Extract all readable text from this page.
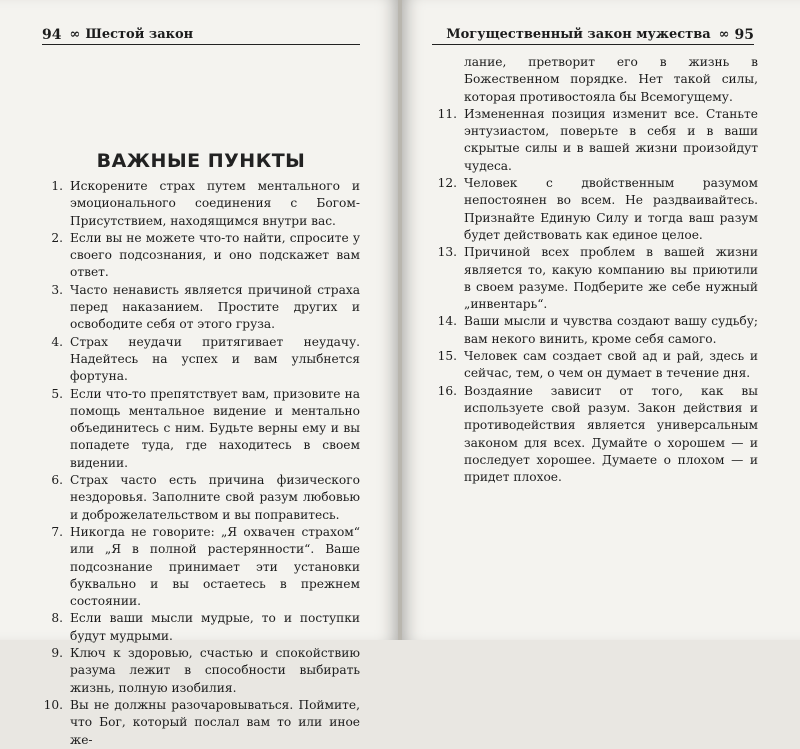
94 ∞ Шестой закон
ВАЖНЫЕ ПУНКТЫ
1. Искорените страх путем ментального и эмоционального соединения с Богом-Присутствием, находящимся внутри вас.
2. Если вы не можете что-то найти, спросите у своего подсознания, и оно подскажет вам ответ.
3. Часто ненависть является причиной страха перед наказанием. Простите других и освободите себя от этого груза.
4. Страх неудачи притягивает неудачу. Надейтесь на успех и вам улыбнется фортуна.
5. Если что-то препятствует вам, призовите на помощь ментальное видение и ментально объединитесь с ним. Будьте верны ему и вы попадете туда, где находитесь в своем видении.
6. Страх часто есть причина физического нездоровья. Заполните свой разум любовью и доброжелательством и вы поправитесь.
7. Никогда не говорите: „Я охвачен страхом“ или „Я в полной растерянности“. Ваше подсознание принимает эти установки буквально и вы остаетесь в прежнем состоянии.
8. Если ваши мысли мудрые, то и поступки будут мудрыми.
9. Ключ к здоровью, счастью и спокойствию разума лежит в способности выбирать жизнь, полную изобилия.
10. Вы не должны разочаровываться. Поймите, что Бог, который послал вам то или иное же-
Могущественный закон мужества ∞ 95
лание, претворит его в жизнь в Божественном порядке. Нет такой силы, которая противостояла бы Всемогущему.
11. Измененная позиция изменит все. Станьте энтузиастом, поверьте в себя и в ваши скрытые силы и в вашей жизни произойдут чудеса.
12. Человек с двойственным разумом непостоянен во всем. Не раздваивайтесь. Признайте Единую Силу и тогда ваш разум будет действовать как единое целое.
13. Причиной всех проблем в вашей жизни является то, какую компанию вы приютили в своем разуме. Подберите же себе нужный „инвентарь“.
14. Ваши мысли и чувства создают вашу судьбу; вам некого винить, кроме себя самого.
15. Человек сам создает свой ад и рай, здесь и сейчас, тем, о чем он думает в течение дня.
16. Воздаяние зависит от того, как вы используете свой разум. Закон действия и противодействия является универсальным законом для всех. Думайте о хорошем — и последует хорошее. Думаете о плохом — и придет плохое.
